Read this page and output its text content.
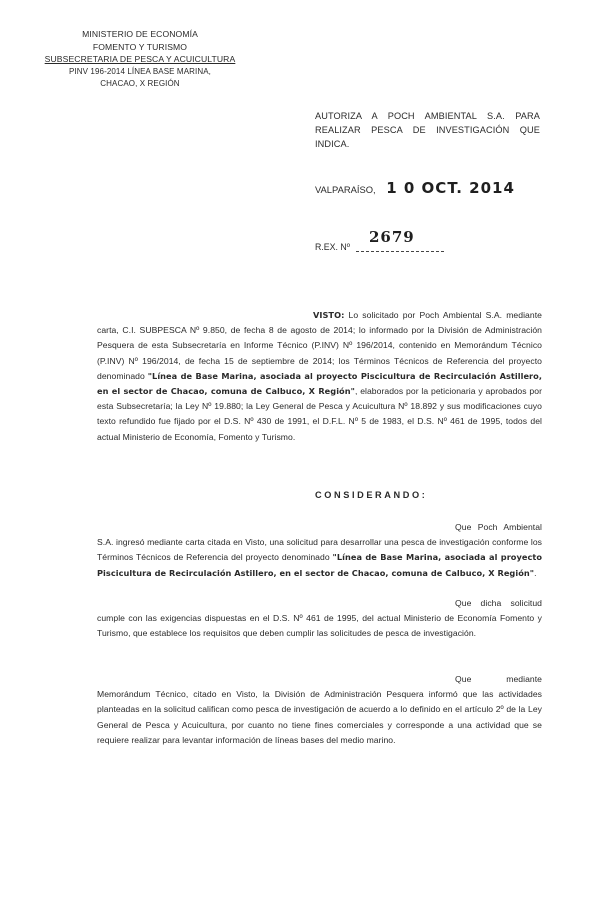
MINISTERIO DE ECONOMÍA
FOMENTO Y TURISMO
SUBSECRETARIA DE PESCA Y ACUICULTURA
PINV 196-2014 LÍNEA BASE MARINA,
CHACAO, X REGIÓN
AUTORIZA A POCH AMBIENTAL S.A. PARA REALIZAR PESCA DE INVESTIGACIÓN QUE INDICA.
VALPARAÍSO, 1 0 OCT. 2014
R.EX. Nº
2679
VISTO: Lo solicitado por Poch Ambiental S.A. mediante carta, C.I. SUBPESCA Nº 9.850, de fecha 8 de agosto de 2014; lo informado por la División de Administración Pesquera de esta Subsecretaría en Informe Técnico (P.INV) Nº 196/2014, contenido en Memorándum Técnico (P.INV) Nº 196/2014, de fecha 15 de septiembre de 2014; los Términos Técnicos de Referencia del proyecto denominado "Línea de Base Marina, asociada al proyecto Piscicultura de Recirculación Astillero, en el sector de Chacao, comuna de Calbuco, X Región", elaborados por la peticionaria y aprobados por esta Subsecretaría; la Ley Nº 19.880; la Ley General de Pesca y Acuicultura Nº 18.892 y sus modificaciones cuyo texto refundido fue fijado por el D.S. Nº 430 de 1991, el D.F.L. Nº 5 de 1983, el D.S. Nº 461 de 1995, todos del actual Ministerio de Economía, Fomento y Turismo.
CONSIDERANDO:
Que Poch Ambiental S.A. ingresó mediante carta citada en Visto, una solicitud para desarrollar una pesca de investigación conforme los Términos Técnicos de Referencia del proyecto denominado "Línea de Base Marina, asociada al proyecto Piscicultura de Recirculación Astillero, en el sector de Chacao, comuna de Calbuco, X Región".
Que dicha solicitud cumple con las exigencias dispuestas en el D.S. Nº 461 de 1995, del actual Ministerio de Economía Fomento y Turismo, que establece los requisitos que deben cumplir las solicitudes de pesca de investigación.
Que mediante Memorándum Técnico, citado en Visto, la División de Administración Pesquera informó que las actividades planteadas en la solicitud califican como pesca de investigación de acuerdo a lo definido en el artículo 2º de la Ley General de Pesca y Acuicultura, por cuanto no tiene fines comerciales y corresponde a una actividad que se requiere realizar para levantar información de líneas bases del medio marino.
